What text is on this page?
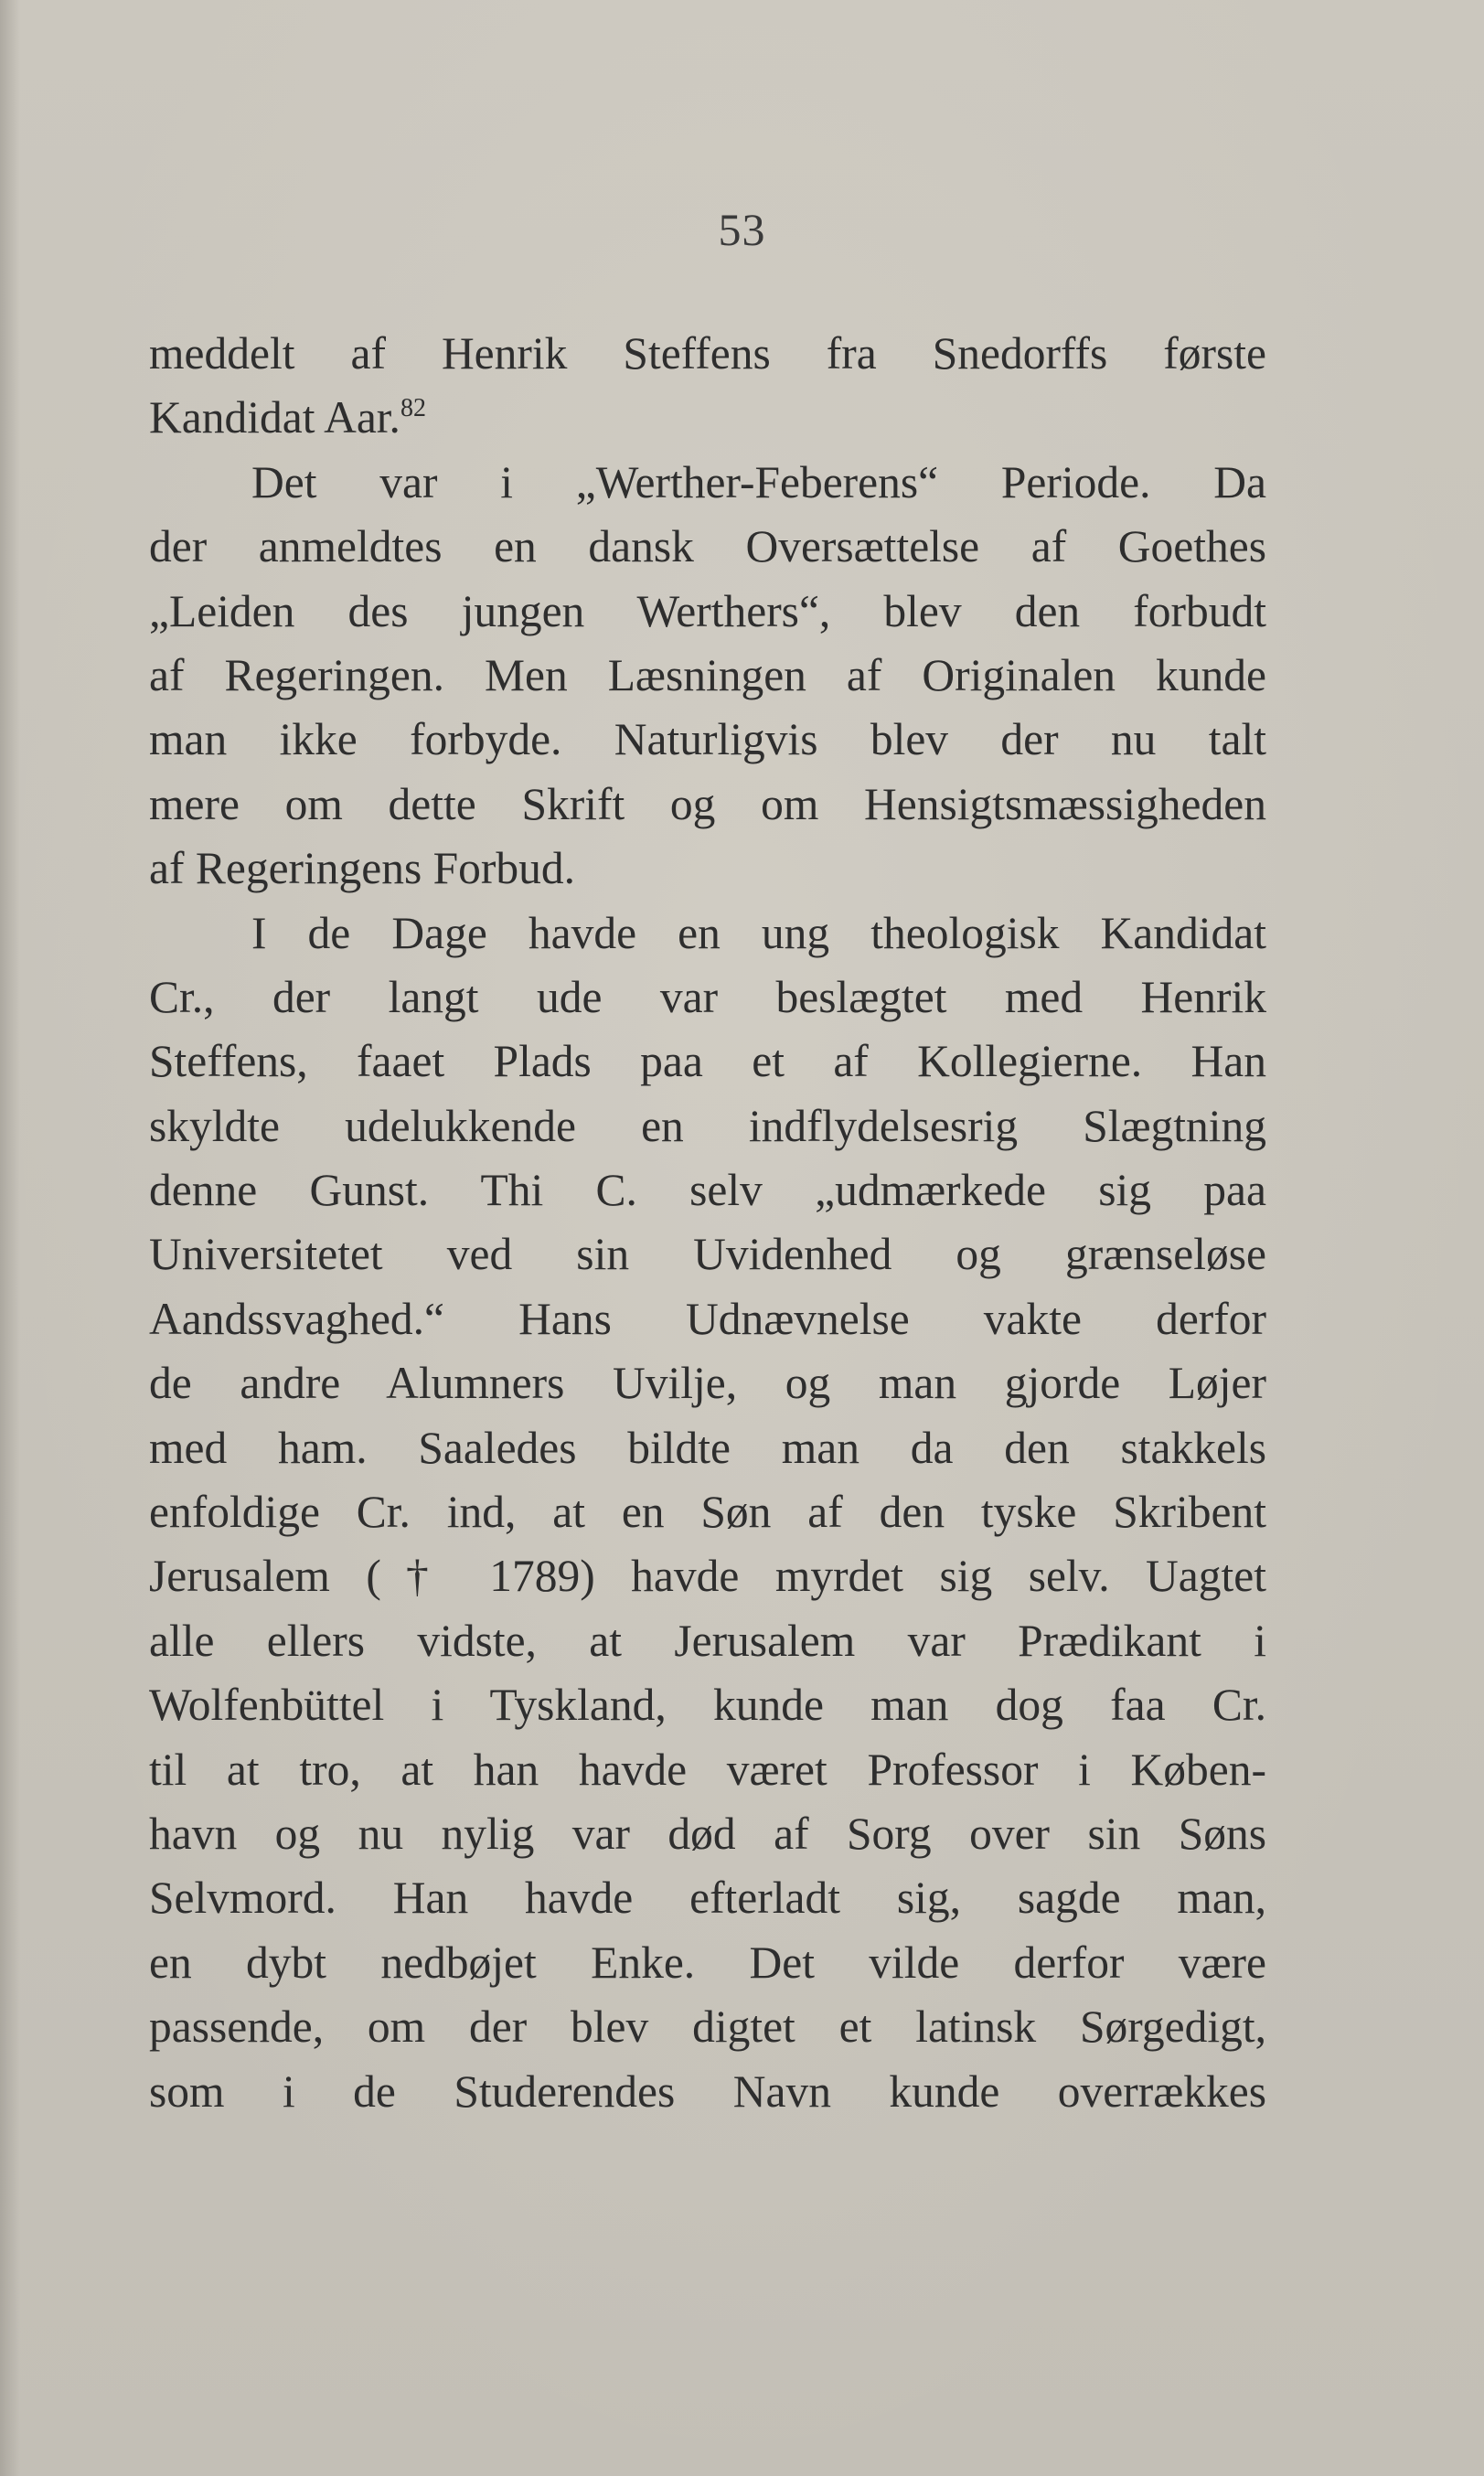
53
meddelt af Henrik Steffens fra Snedorffs første
Kandidat Aar.$^{82}$
Det var i „Werther-Feberens“ Periode. Da
der anmeldtes en dansk Oversættelse af Goethes
„Leiden des jungen Werthers“, blev den forbudt
af Regeringen. Men Læsningen af Originalen kunde
man ikke forbyde. Naturligvis blev der nu talt
mere om dette Skrift og om Hensigtsmæssigheden
af Regeringens Forbud.
I de Dage havde en ung theologisk Kandidat
Cr., der langt ude var beslægtet med Henrik
Steffens, faaet Plads paa et af Kollegierne. Han
skyldte udelukkende en indflydelsesrig Slægtning
denne Gunst. Thi C. selv „udmærkede sig paa
Universitetet ved sin Uvidenhed og grænseløse
Aandssvaghed.“ Hans Udnævnelse vakte derfor
de andre Alumners Uvilje, og man gjorde Løjer
med ham. Saaledes bildte man da den stakkels
enfoldige Cr. ind, at en Søn af den tyske Skribent
Jerusalem († 1789) havde myrdet sig selv. Uagtet
alle ellers vidste, at Jerusalem var Prædikant i
Wolfenbüttel i Tyskland, kunde man dog faa Cr.
til at tro, at han havde været Professor i Køben-
havn og nu nylig var død af Sorg over sin Søns
Selvmord. Han havde efterladt sig, sagde man,
en dybt nedbøjet Enke. Det vilde derfor være
passende, om der blev digtet et latinsk Sørgedigt,
som i de Studerendes Navn kunde overrækkes
